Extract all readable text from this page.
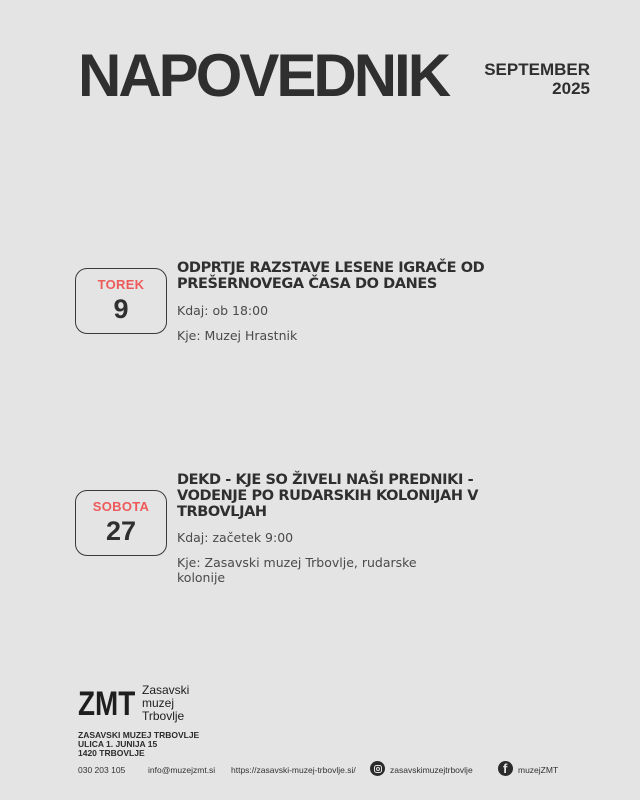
NAPOVEDNIK SEPTEMBER
2025
TOREK
9
ODPRTJE RAZSTAVE LESENE IGRAČE OD PREŠERNOVEGA ČASA DO DANES
Kdaj: ob 18:00
Kje: Muzej Hrastnik
SOBOTA
27
DEKD - KJE SO ŽIVELI NAŠI PREDNIKI - VODENJE PO RUDARSKIH KOLONIJAH V TRBOVLJAH
Kdaj: začetek 9:00
Kje: Zasavski muzej Trbovlje, rudarske kolonije
ZMT Zasavski
muzej
Trbovlje
ZASAVSKI MUZEJ TRBOVLJE
ULICA 1. JUNIJA 15
1420 TRBOVLJE
030 203 105	info@muzejzmt.si https://zasavski-muzej-trbovlje.si/	zasavskimuzejtrbovlje
f	muzejZMT
